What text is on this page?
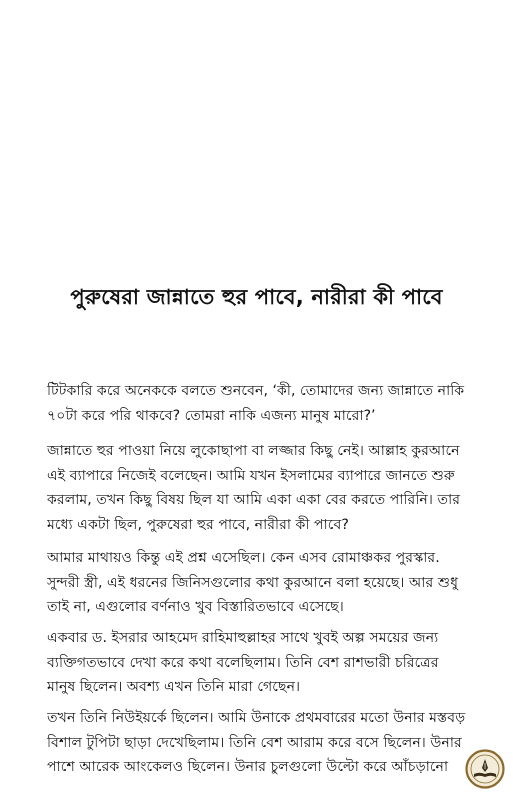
পুরুষেরা জান্নাতে হুর পাবে, নারীরা কী পাবে
টিটকারি করে অনেককে বলতে শুনবেন, ‘কী, তোমাদের জন্য জান্নাতে নাকি
৭০টা করে পরি থাকবে? তোমরা নাকি এজন্য মানুষ মারো?’
জান্নাতে হুর পাওয়া নিয়ে লুকোছাপা বা লজ্জার কিছু নেই। আল্লাহ কুরআনে
এই ব্যাপারে নিজেই বলেছেন। আমি যখন ইসলামের ব্যাপারে জানতে শুরু
করলাম, তখন কিছু বিষয় ছিল যা আমি একা একা বের করতে পারিনি। তার
মধ্যে একটা ছিল, পুরুষেরা হুর পাবে, নারীরা কী পাবে?
আমার মাথায়ও কিন্তু এই প্রশ্ন এসেছিল। কেন এসব রোমাঞ্চকর পুরস্কার.
সুন্দরী স্ত্রী, এই ধরনের জিনিসগুলোর কথা কুরআনে বলা হয়েছে। আর শুধু
তাই না, এগুলোর বর্ণনাও খুব বিস্তারিতভাবে এসেছে।
একবার ড. ইসরার আহমেদ রাহিমাহুল্লাহর সাথে খুবই অল্প সময়ের জন্য
ব্যক্তিগতভাবে দেখা করে কথা বলেছিলাম। তিনি বেশ রাশভারী চরিত্রের
মানুষ ছিলেন। অবশ্য এখন তিনি মারা গেছেন।
তখন তিনি নিউইয়র্কে ছিলেন। আমি উনাকে প্রথমবারের মতো উনার মস্তবড়
বিশাল টুপিটা ছাড়া দেখেছিলাম। তিনি বেশ আরাম করে বসে ছিলেন। উনার
পাশে আরেক আংকেলও ছিলেন। উনার চুলগুলো উল্টো করে আঁচড়ানো
